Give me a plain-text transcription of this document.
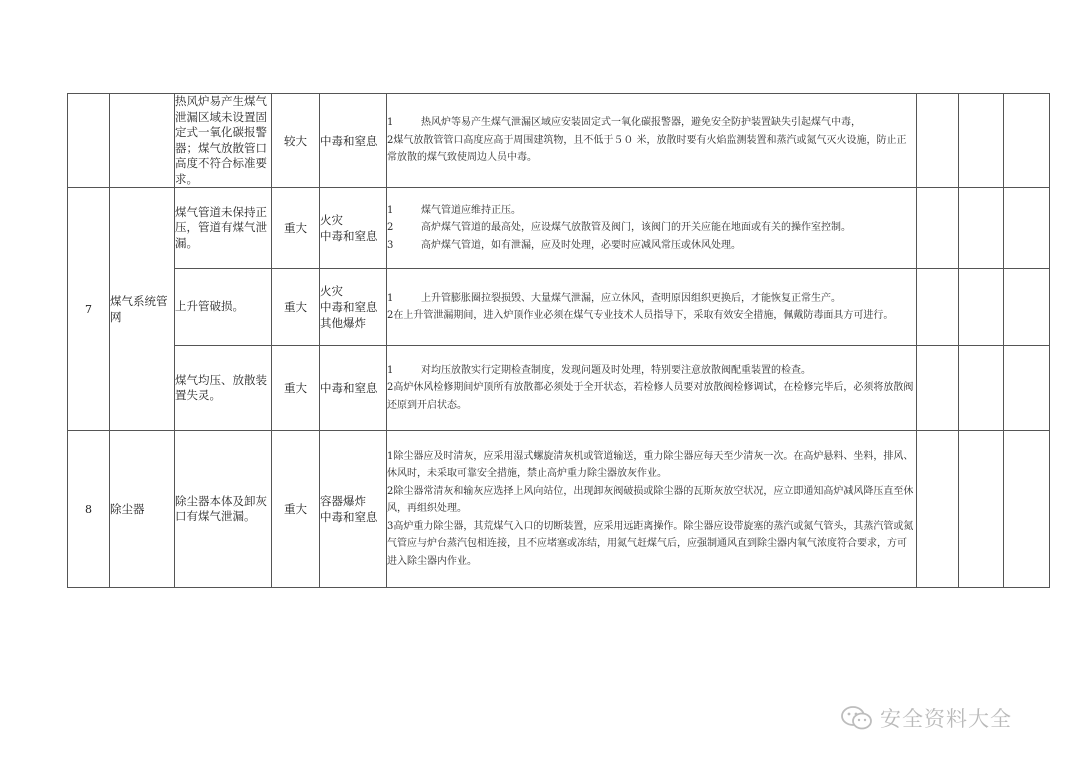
		热风炉易产生煤气泄漏区域未设置固定式一氧化碳报警器；煤气放散管口高度不符合标准要求。	较大	中毒和窒息	1 热风炉等易产生煤气泄漏区域应安装固定式一氧化碳报警器，避免安全防护装置缺失引起煤气中毒，
2煤气放散管管口高度应高于周围建筑物，且不低于５０ 米，放散时要有火焰监测装置和蒸汽或氮气灭火设施，防止正常放散的煤气致使周边人员中毒。			

7	煤气系统管网	煤气管道未保持正压，管道有煤气泄漏。	重大	火灾
中毒和窒息	1 煤气管道应维持正压。
2 高炉煤气管道的最高处，应设煤气放散管及阀门，该阀门的开关应能在地面或有关的操作室控制。
3 高炉煤气管道，如有泄漏，应及时处理，必要时应减风常压或休风处理。			

		上升管破损。	重大	火灾
中毒和窒息
其他爆炸	1 上升管膨胀圈拉裂损毁、大量煤气泄漏，应立休风，查明原因组织更换后，才能恢复正常生产。
2在上升管泄漏期间，进入炉顶作业必须在煤气专业技术人员指导下，采取有效安全措施，佩戴防毒面具方可进行。			

		煤气均压、放散装置失灵。	重大	中毒和窒息	1 对均压放散实行定期检查制度，发现问题及时处理，特别要注意放散阀配重装置的检查。
2高炉休风检修期间炉顶所有放散都必须处于全开状态，若检修人员要对放散阀检修调试，在检修完毕后，必须将放散阀还原到开启状态。			

8	除尘器	除尘器本体及卸灰口有煤气泄漏。	重大	容器爆炸
中毒和窒息	1除尘器应及时清灰，应采用湿式螺旋清灰机或管道输送，重力除尘器应每天至少清灰一次。在高炉悬料、坐料，排风、休风时，未采取可靠安全措施，禁止高炉重力除尘器放灰作业。
2除尘器常清灰和输灰应选择上风向站位，出现卸灰阀破损或除尘器的瓦斯灰放空状况，应立即通知高炉减风降压直至休风，再组织处理。
3高炉重力除尘器，其荒煤气入口的切断装置，应采用远距离操作。除尘器应设带旋塞的蒸汽或氮气管头，其蒸汽管或氮气管应与炉台蒸汽包相连接，且不应堵塞或冻结，用氮气赶煤气后，应强制通风直到除尘器内氧气浓度符合要求，方可进入除尘器内作业。			

安全资料大全
